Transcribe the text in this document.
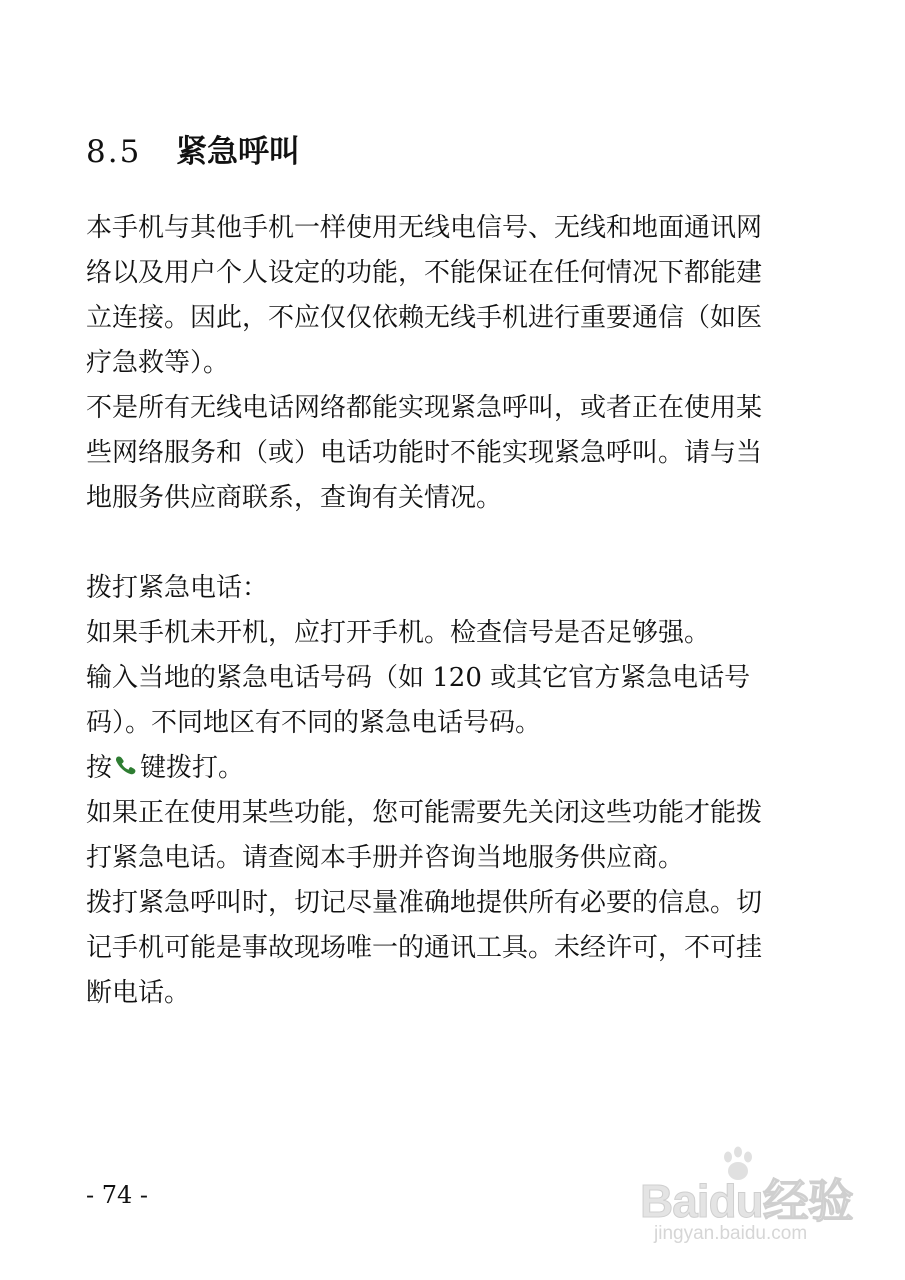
8.5 紧急呼叫

本手机与其他手机一样使用无线电信号、无线和地面通讯网

络以及用户个人设定的功能，不能保证在任何情况下都能建

立连接。因此，不应仅仅依赖无线手机进行重要通信（如医

疗急救等）。

不是所有无线电话网络都能实现紧急呼叫，或者正在使用某

些网络服务和（或）电话功能时不能实现紧急呼叫。请与当

地服务供应商联系，查询有关情况。

拨打紧急电话：

如果手机未开机，应打开手机。检查信号是否足够强。

输入当地的紧急电话号码（如 120 或其它官方紧急电话号

码）。不同地区有不同的紧急电话号码。

按 键拨打。

如果正在使用某些功能，您可能需要先关闭这些功能才能拨

打紧急电话。请查阅本手册并咨询当地服务供应商。

拨打紧急呼叫时，切记尽量准确地提供所有必要的信息。切

记手机可能是事故现场唯一的通讯工具。未经许可，不可挂

断电话。

- 74 -	Baidu经验
jingyan.baidu.com
